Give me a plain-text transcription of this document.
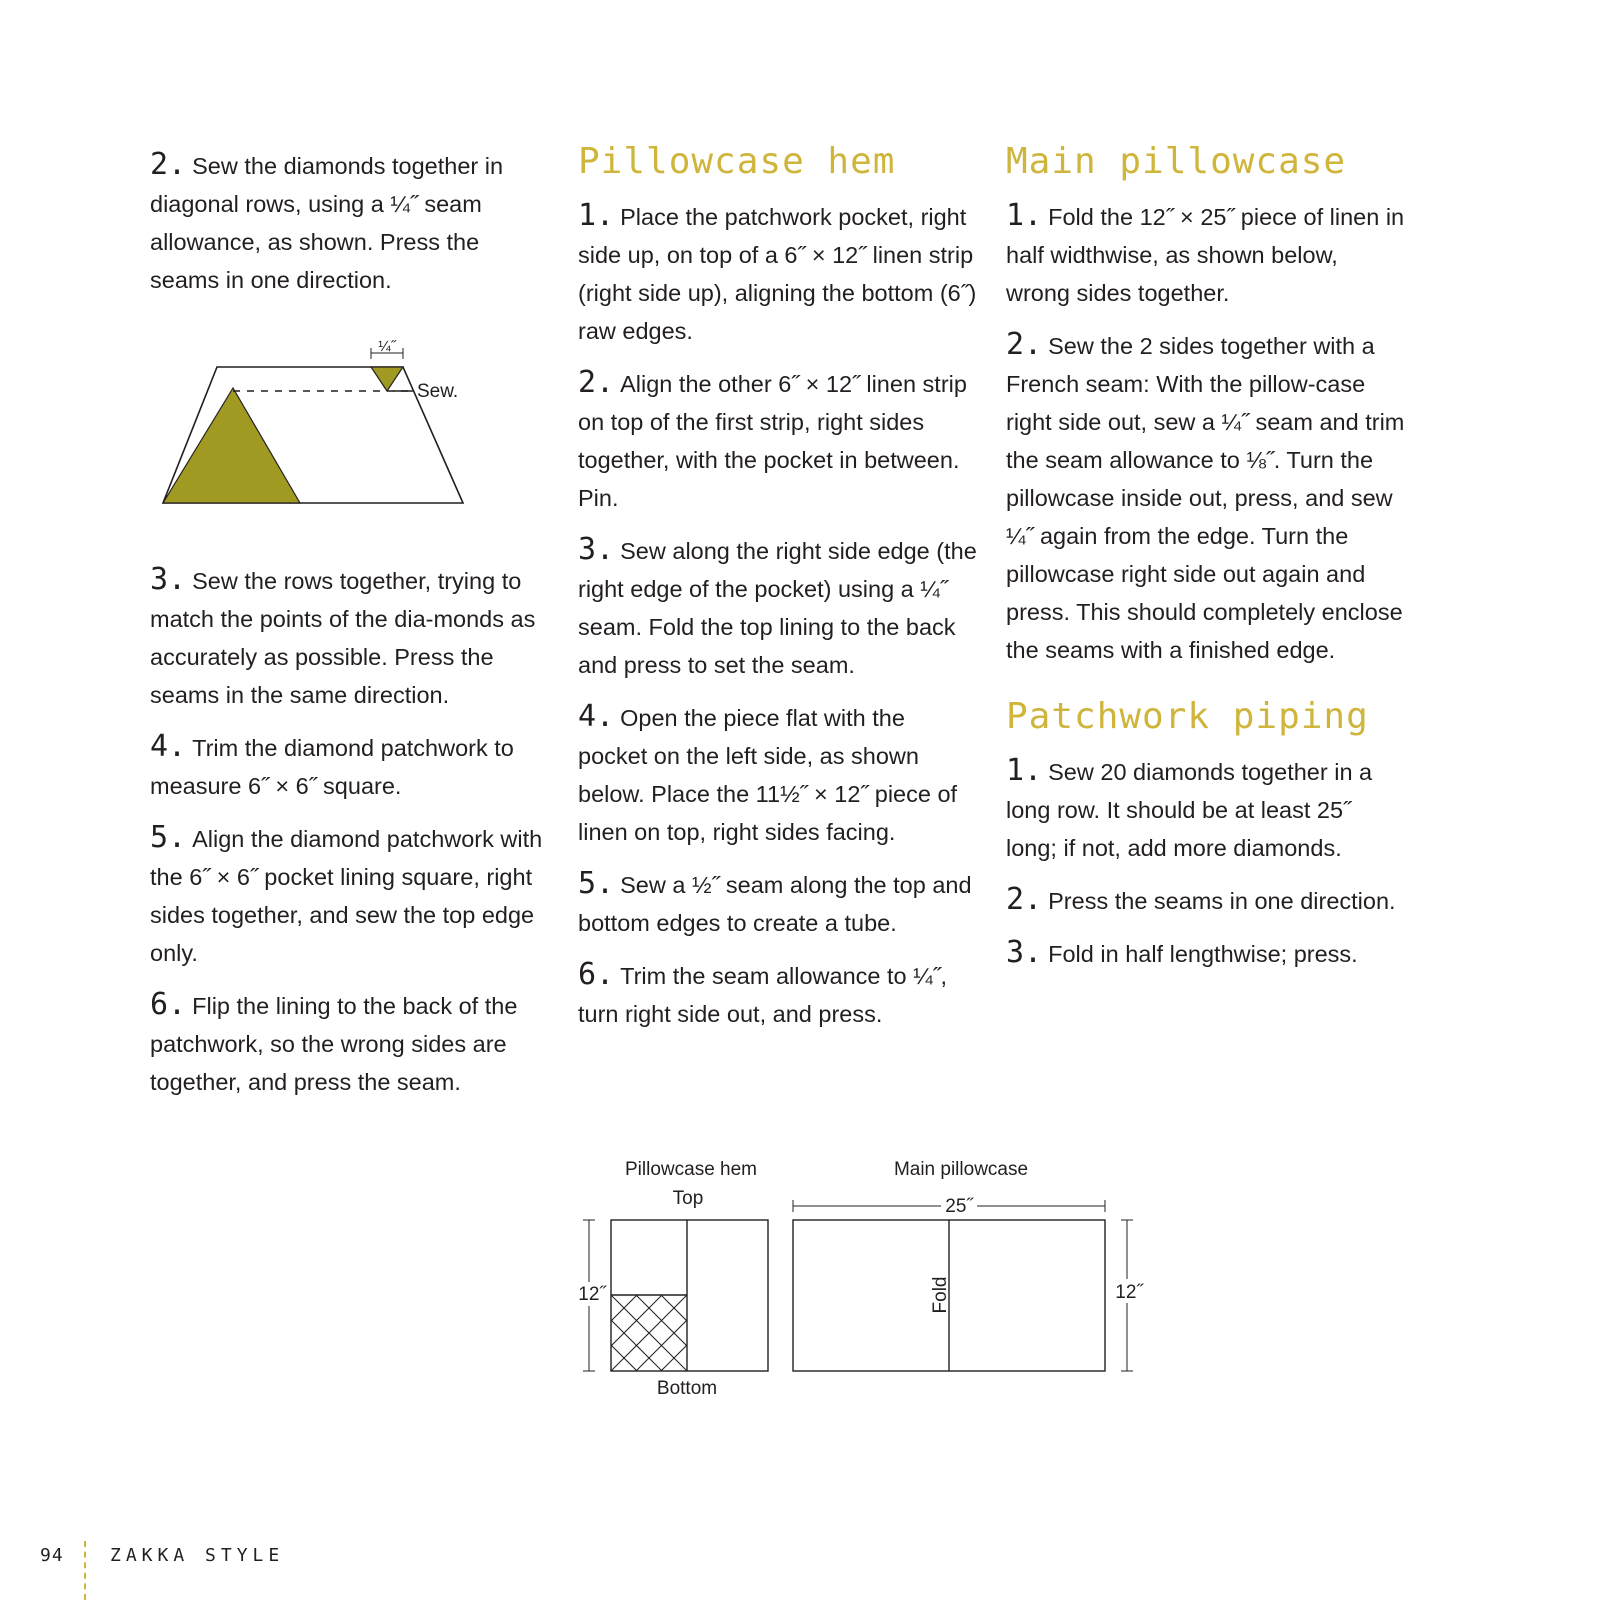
2. Sew the diamonds together in diagonal rows, using a ¼˝ seam allowance, as shown. Press the seams in one direction.

3. Sew the rows together, trying to match the points of the dia-monds as accurately as possible. Press the seams in the same direction.

4. Trim the diamond patchwork to measure 6˝ × 6˝ square.

5. Align the diamond patchwork with the 6˝ × 6˝ pocket lining square, right sides together, and sew the top edge only.

6. Flip the lining to the back of the patchwork, so the wrong sides are together, and press the seam.

¼˝
Sew.
Pillowcase hem

1. Place the patchwork pocket, right side up, on top of a 6˝ × 12˝ linen strip (right side up), aligning the bottom (6˝) raw edges.

2. Align the other 6˝ × 12˝ linen strip on top of the first strip, right sides together, with the pocket in between. Pin.

3. Sew along the right side edge (the right edge of the pocket) using a ¼˝ seam. Fold the top lining to the back and press to set the seam.

4. Open the piece flat with the pocket on the left side, as shown below. Place the 11½˝ × 12˝ piece of linen on top, right sides facing.

5. Sew a ½˝ seam along the top and bottom edges to create a tube.

6. Trim the seam allowance to ¼˝, turn right side out, and press.

Main pillowcase

1. Fold the 12˝ × 25˝ piece of linen in half widthwise, as shown below, wrong sides together.

2. Sew the 2 sides together with a French seam: With the pillow-case right side out, sew a ¼˝ seam and trim the seam allowance to ⅛˝. Turn the pillowcase inside out, press, and sew ¼˝ again from the edge. Turn the pillowcase right side out again and press. This should completely enclose the seams with a finished edge.

Patchwork piping

1. Sew 20 diamonds together in a long row. It should be at least 25˝ long; if not, add more diamonds.

2. Press the seams in one direction.

3. Fold in half lengthwise; press.

Pillowcase hem
Top
Bottom
12˝
Main pillowcase
25˝
Fold	12˝
94	ZAKKA STYLE
